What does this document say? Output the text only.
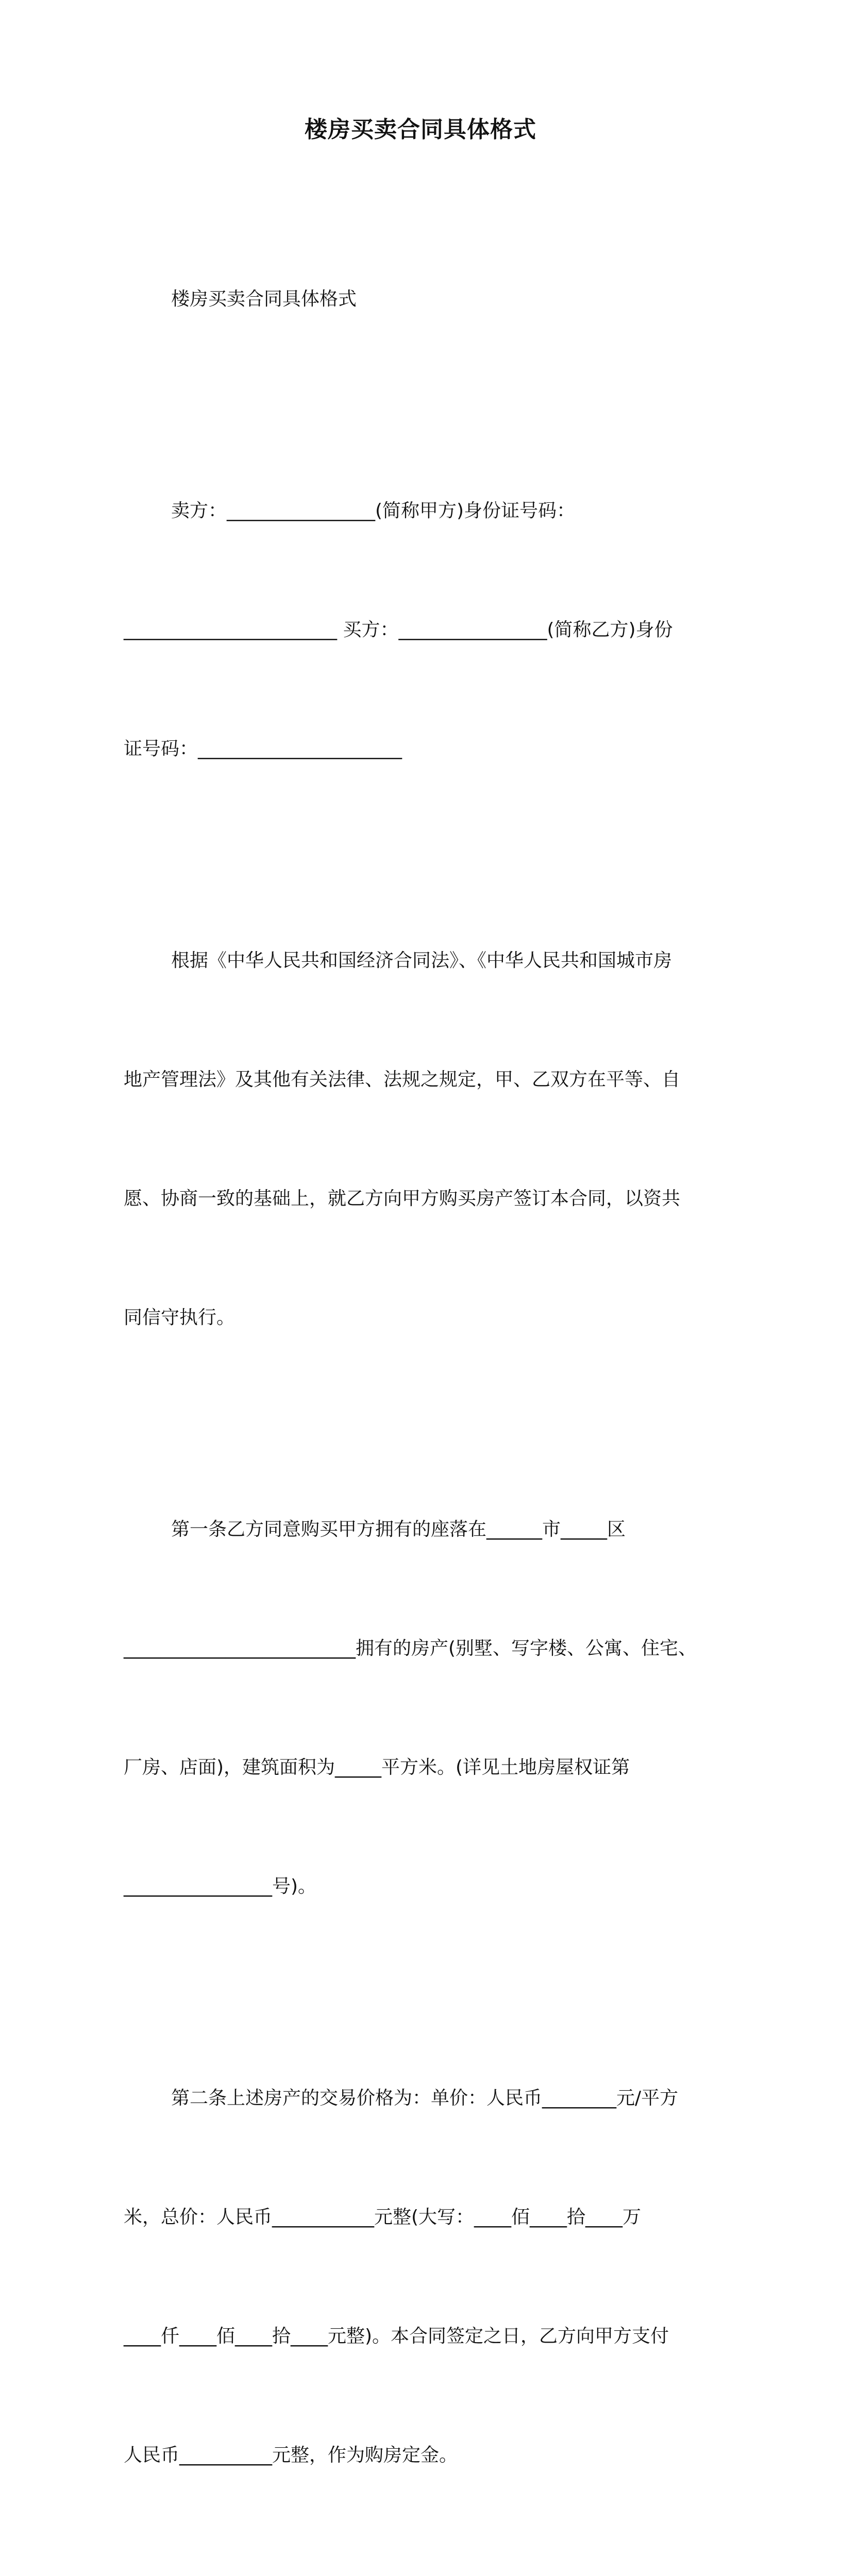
楼房买卖合同具体格式

楼房买卖合同具体格式

卖方：________________(简称甲方)身份证号码：

_______________________ 买方：________________(简称乙方)身份

证号码：______________________

根据《中华人民共和国经济合同法》、《中华人民共和国城市房

地产管理法》及其他有关法律、法规之规定，甲、乙双方在平等、自

愿、协商一致的基础上，就乙方向甲方购买房产签订本合同，以资共

同信守执行。

第一条乙方同意购买甲方拥有的座落在______市_____区

_________________________拥有的房产(别墅、写字楼、公寓、住宅、

厂房、店面)，建筑面积为_____平方米。(详见土地房屋权证第

________________号)。

第二条上述房产的交易价格为：单价：人民币________元/平方

米，总价：人民币___________元整(大写：____佰____拾____万

____仟____佰____拾____元整)。本合同签定之日，乙方向甲方支付

人民币__________元整，作为购房定金。
